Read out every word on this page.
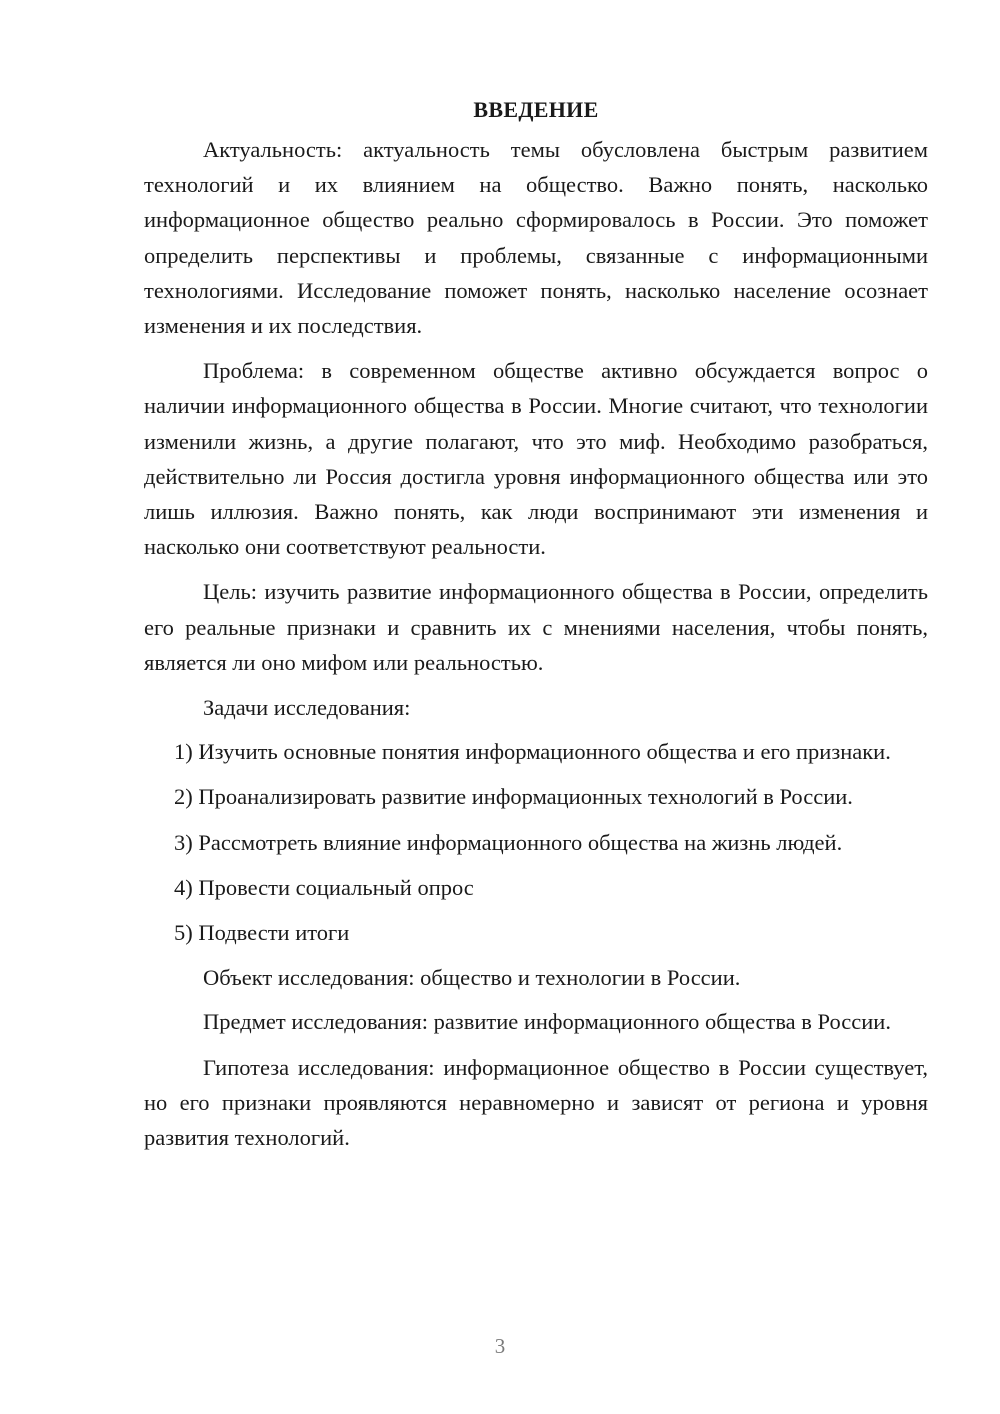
ВВЕДЕНИЕ

Актуальность: актуальность темы обусловлена быстрым развитием технологий и их влиянием на общество. Важно понять, насколько информационное общество реально сформировалось в России. Это поможет определить перспективы и проблемы, связанные с информационными технологиями. Исследование поможет понять, насколько население осознает изменения и их последствия.

Проблема: в современном обществе активно обсуждается вопрос о наличии информационного общества в России. Многие считают, что технологии изменили жизнь, а другие полагают, что это миф. Необходимо разобраться, действительно ли Россия достигла уровня информационного общества или это лишь иллюзия. Важно понять, как люди воспринимают эти изменения и насколько они соответствуют реальности.

Цель: изучить развитие информационного общества в России, определить его реальные признаки и сравнить их с мнениями населения, чтобы понять, является ли оно мифом или реальностью.

Задачи исследования:

1) Изучить основные понятия информационного общества и его признаки.

2) Проанализировать развитие информационных технологий в России.

3) Рассмотреть влияние информационного общества на жизнь людей.

4) Провести социальный опрос

5) Подвести итоги

Объект исследования: общество и технологии в России.

Предмет исследования: развитие информационного общества в России.

Гипотеза исследования: информационное общество в России существует, но его признаки проявляются неравномерно и зависят от региона и уровня развития технологий.

3
